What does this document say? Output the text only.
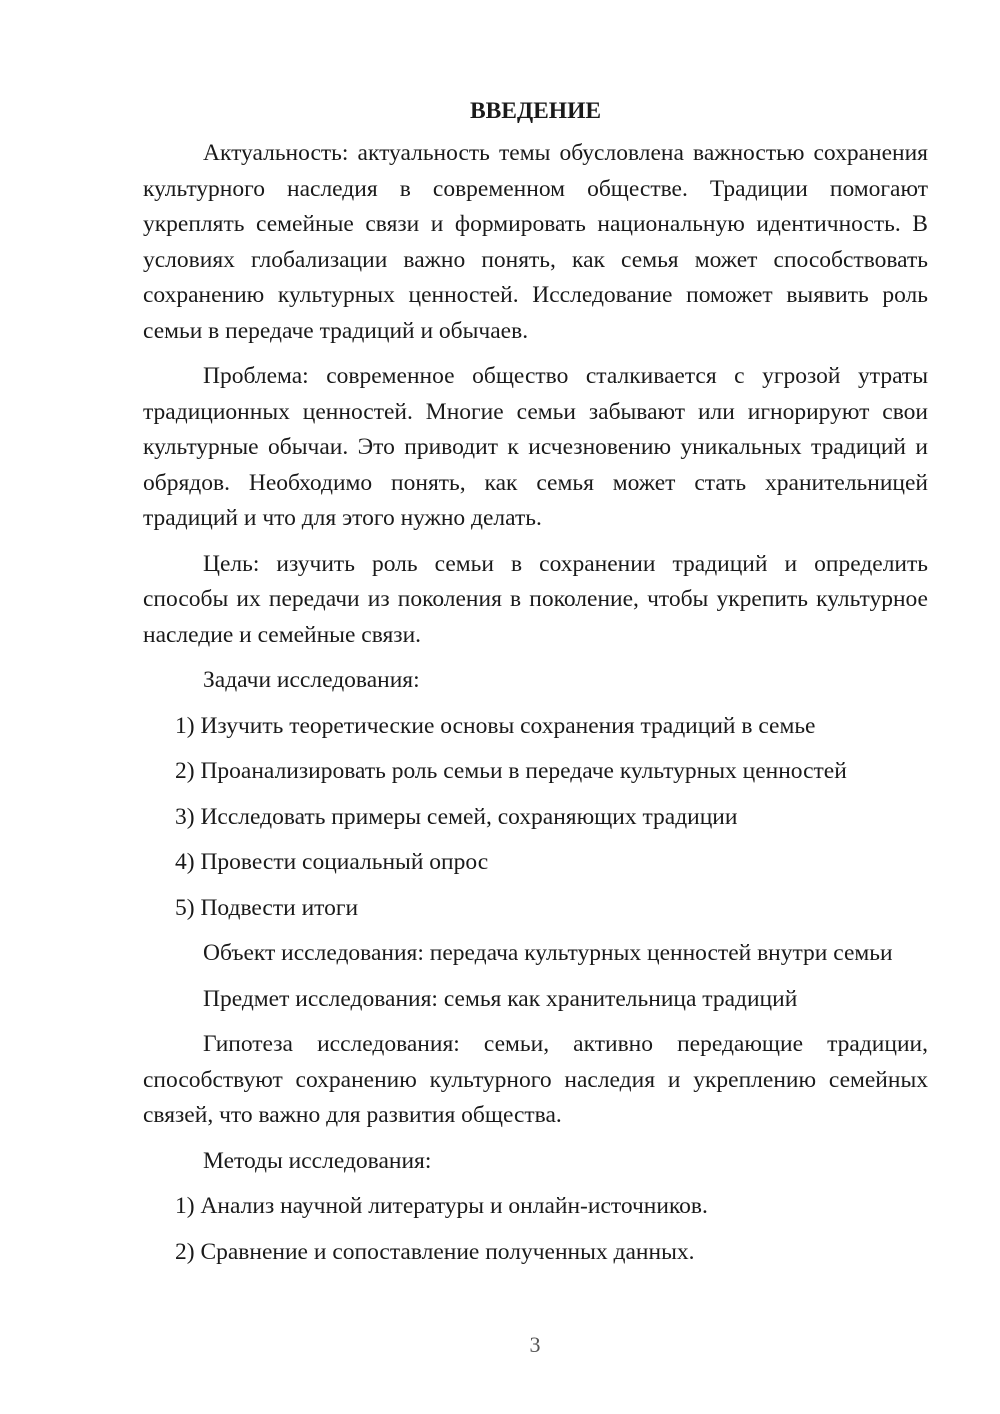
ВВЕДЕНИЕ

Актуальность: актуальность темы обусловлена важностью сохранения культурного наследия в современном обществе. Традиции помогают укреплять семейные связи и формировать национальную идентичность. В условиях глобализации важно понять, как семья может способствовать сохранению культурных ценностей. Исследование поможет выявить роль семьи в передаче традиций и обычаев.

Проблема: современное общество сталкивается с угрозой утраты традиционных ценностей. Многие семьи забывают или игнорируют свои культурные обычаи. Это приводит к исчезновению уникальных традиций и обрядов. Необходимо понять, как семья может стать хранительницей традиций и что для этого нужно делать.

Цель: изучить роль семьи в сохранении традиций и определить способы их передачи из поколения в поколение, чтобы укрепить культурное наследие и семейные связи.

Задачи исследования:

1) Изучить теоретические основы сохранения традиций в семье
2) Проанализировать роль семьи в передаче культурных ценностей
3) Исследовать примеры семей, сохраняющих традиции
4) Провести социальный опрос
5) Подвести итоги

Объект исследования: передача культурных ценностей внутри семьи

Предмет исследования: семья как хранительница традиций

Гипотеза исследования: семьи, активно передающие традиции, способствуют сохранению культурного наследия и укреплению семейных связей, что важно для развития общества.

Методы исследования:

1) Анализ научной литературы и онлайн-источников.
2) Сравнение и сопоставление полученных данных.
3
